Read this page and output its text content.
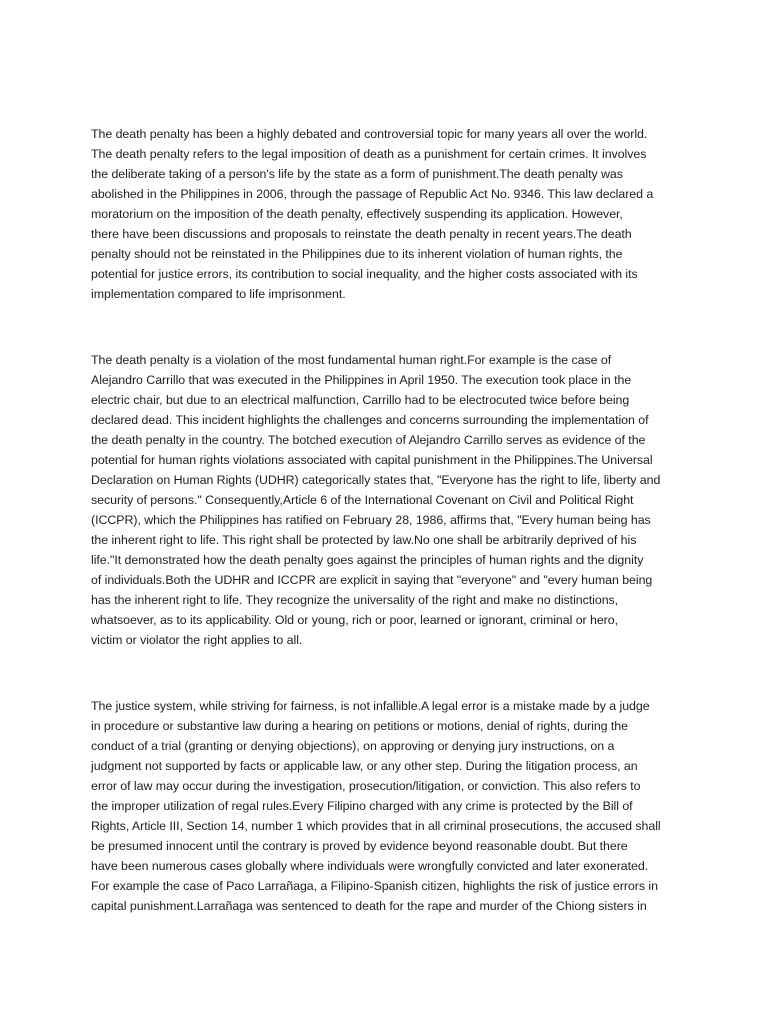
The death penalty has been a highly debated and controversial topic for many years all over the world.
The death penalty refers to the legal imposition of death as a punishment for certain crimes. It involves
the deliberate taking of a person's life by the state as a form of punishment.The death penalty was
abolished in the Philippines in 2006, through the passage of Republic Act No. 9346. This law declared a
moratorium on the imposition of the death penalty, effectively suspending its application. However,
there have been discussions and proposals to reinstate the death penalty in recent years.The death
penalty should not be reinstated in the Philippines due to its inherent violation of human rights, the
potential for justice errors, its contribution to social inequality, and the higher costs associated with its
implementation compared to life imprisonment.

The death penalty is a violation of the most fundamental human right.For example is the case of
Alejandro Carrillo that was executed in the Philippines in April 1950. The execution took place in the
electric chair, but due to an electrical malfunction, Carrillo had to be electrocuted twice before being
declared dead. This incident highlights the challenges and concerns surrounding the implementation of
the death penalty in the country. The botched execution of Alejandro Carrillo serves as evidence of the
potential for human rights violations associated with capital punishment in the Philippines.The Universal
Declaration on Human Rights (UDHR) categorically states that, "Everyone has the right to life, liberty and
security of persons." Consequently,Article 6 of the International Covenant on Civil and Political Right
(ICCPR), which the Philippines has ratified on February 28, 1986, affirms that, "Every human being has
the inherent right to life. This right shall be protected by law.No one shall be arbitrarily deprived of his
life."It demonstrated how the death penalty goes against the principles of human rights and the dignity
of individuals.Both the UDHR and ICCPR are explicit in saying that "everyone" and "every human being
has the inherent right to life. They recognize the universality of the right and make no distinctions,
whatsoever, as to its applicability. Old or young, rich or poor, learned or ignorant, criminal or hero,
victim or violator the right applies to all.

The justice system, while striving for fairness, is not infallible.A legal error is a mistake made by a judge
in procedure or substantive law during a hearing on petitions or motions, denial of rights, during the
conduct of a trial (granting or denying objections), on approving or denying jury instructions, on a
judgment not supported by facts or applicable law, or any other step. During the litigation process, an
error of law may occur during the investigation, prosecution/litigation, or conviction. This also refers to
the improper utilization of regal rules.Every Filipino charged with any crime is protected by the Bill of
Rights, Article III, Section 14, number 1 which provides that in all criminal prosecutions, the accused shall
be presumed innocent until the contrary is proved by evidence beyond reasonable doubt. But there
have been numerous cases globally where individuals were wrongfully convicted and later exonerated.
For example the case of Paco Larrañaga, a Filipino-Spanish citizen, highlights the risk of justice errors in
capital punishment.Larrañaga was sentenced to death for the rape and murder of the Chiong sisters in
